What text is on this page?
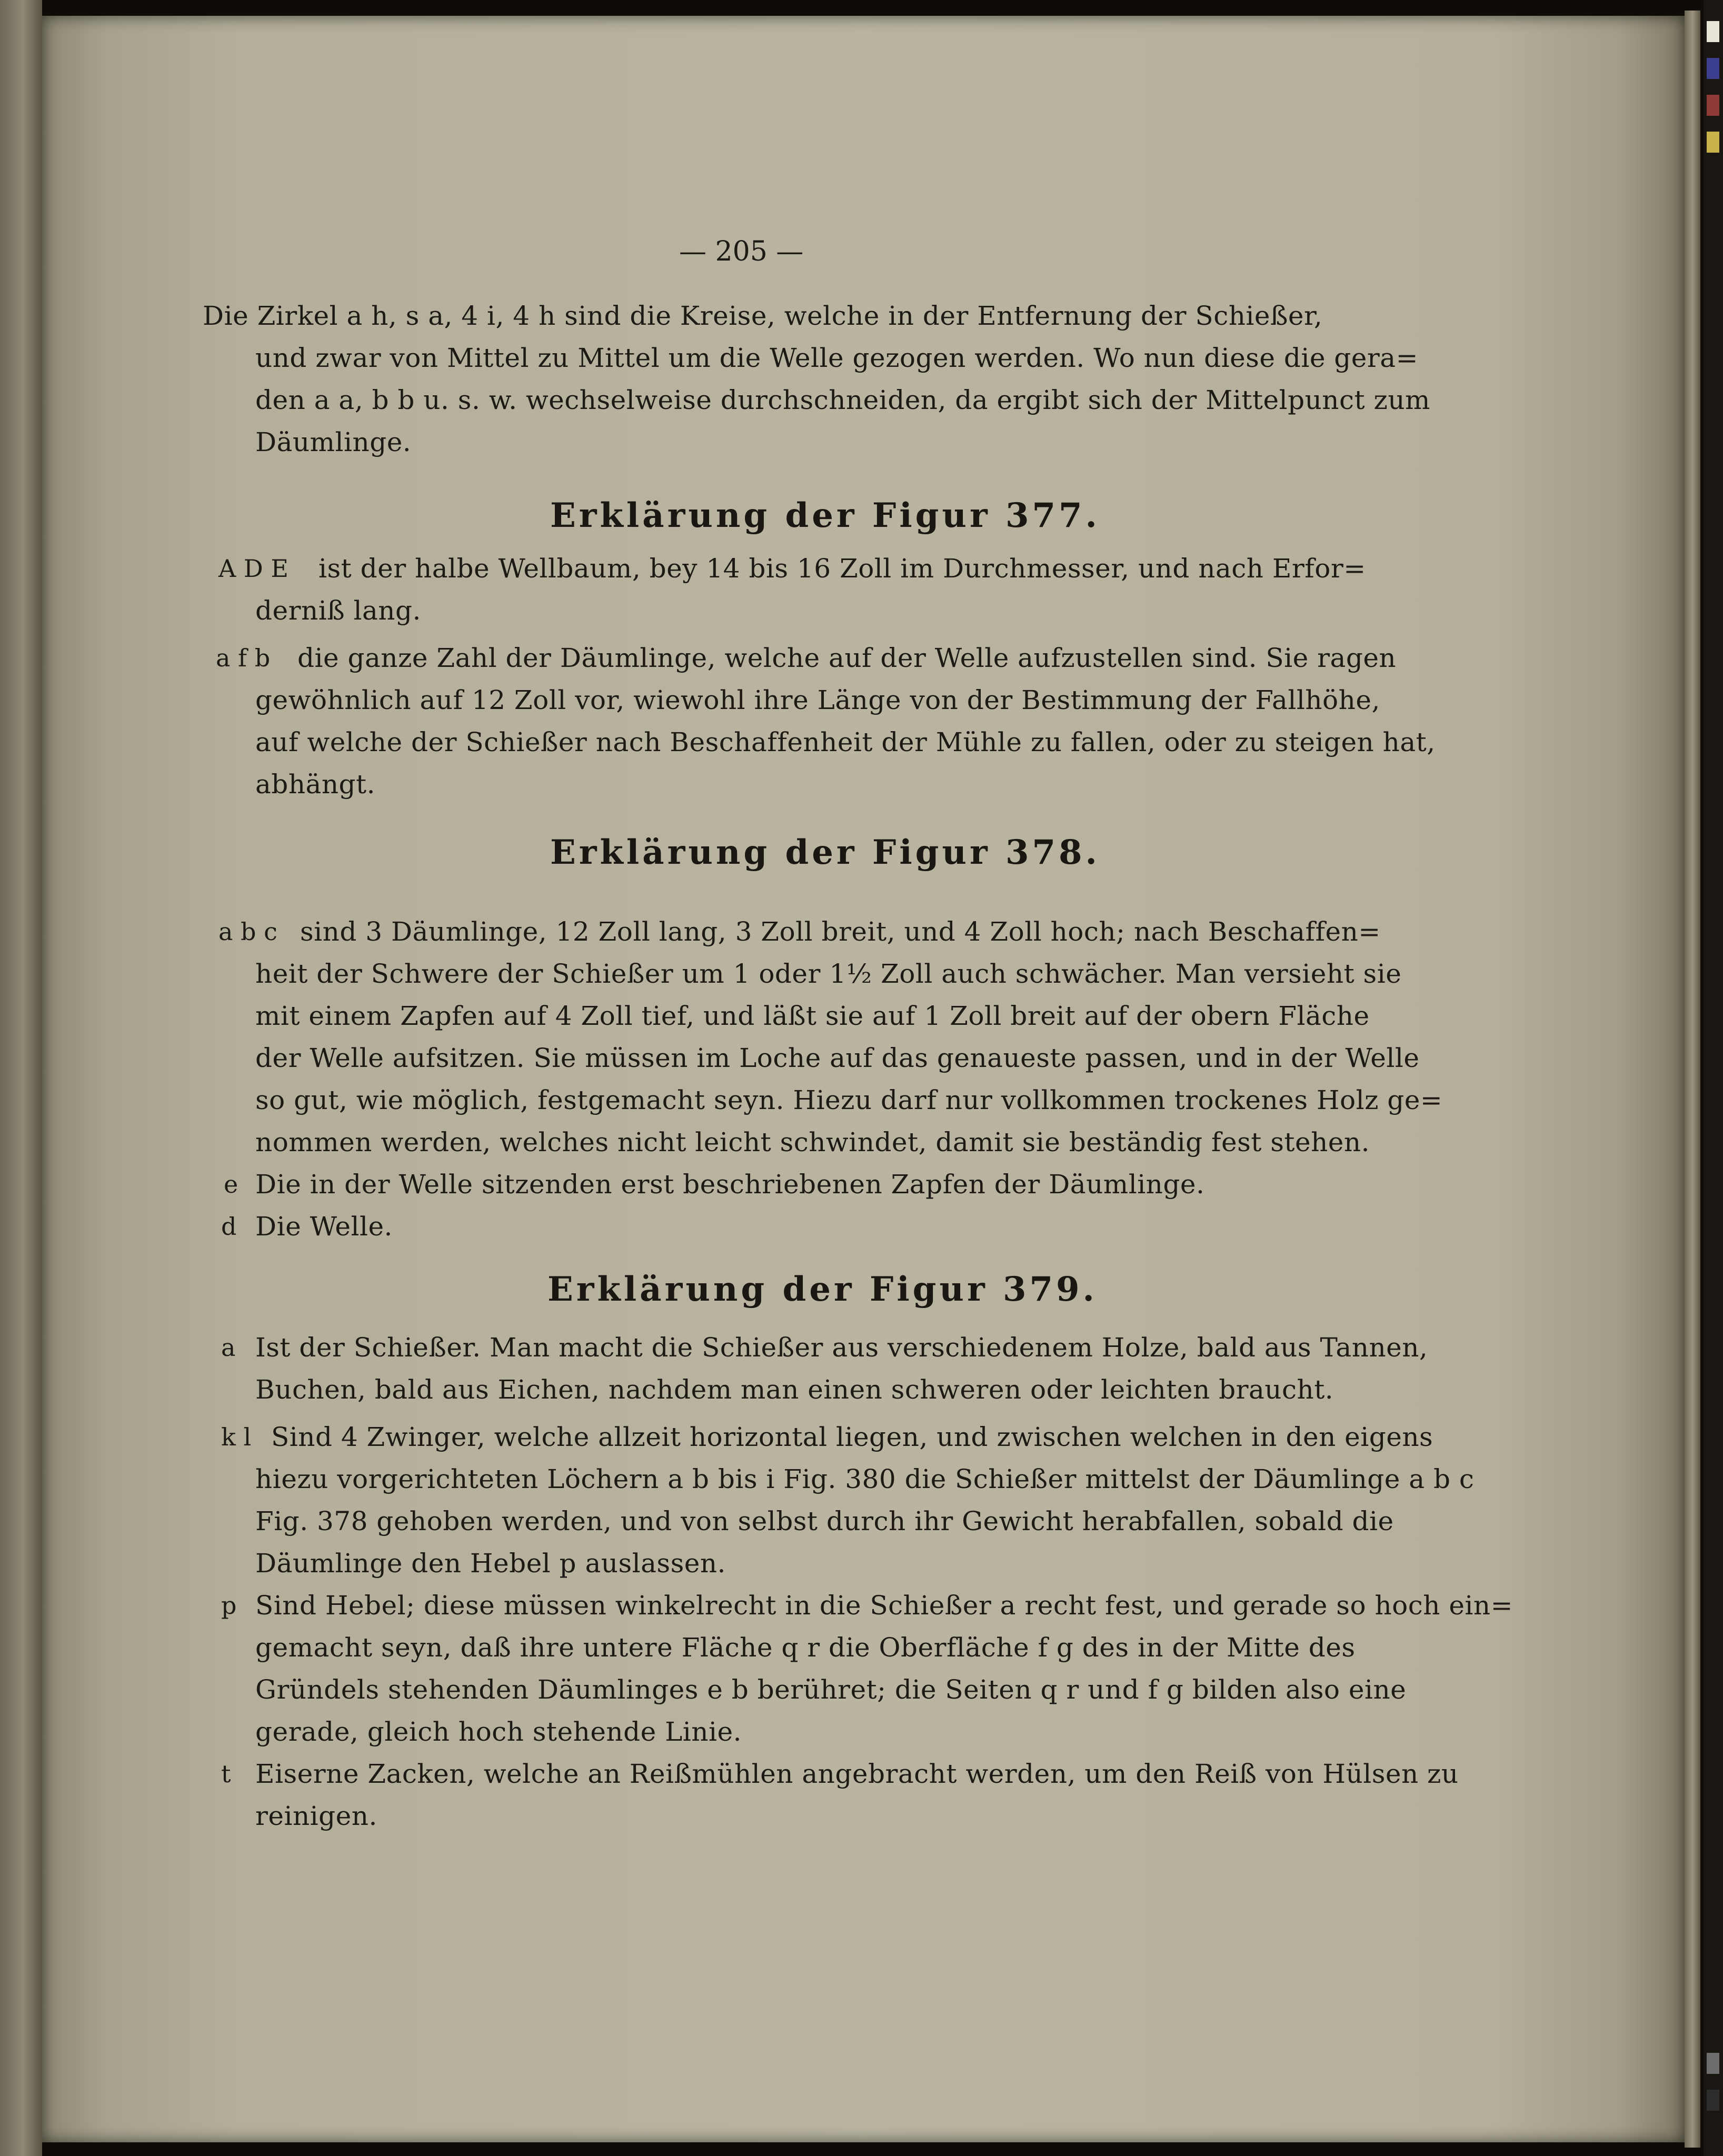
— 205 —
Die Zirkel a h, s a, 4 i, 4 h sind die Kreise, welche in der Entfernung der Schießer,
und zwar von Mittel zu Mittel um die Welle gezogen werden. Wo nun diese die gera=
den a a, b b u. s. w. wechselweise durchschneiden, da ergibt sich der Mittelpunct zum
Däumlinge.
Erklärung der Figur 377.
A D E ist der halbe Wellbaum, bey 14 bis 16 Zoll im Durchmesser, und nach Erfor=
derniß lang.
a f b die ganze Zahl der Däumlinge, welche auf der Welle aufzustellen sind. Sie ragen
gewöhnlich auf 12 Zoll vor, wiewohl ihre Länge von der Bestimmung der Fallhöhe,
auf welche der Schießer nach Beschaffenheit der Mühle zu fallen, oder zu steigen hat,
abhängt.
Erklärung der Figur 378.
a b c sind 3 Däumlinge, 12 Zoll lang, 3 Zoll breit, und 4 Zoll hoch; nach Beschaffen=
heit der Schwere der Schießer um 1 oder 1½ Zoll auch schwächer. Man versieht sie
mit einem Zapfen auf 4 Zoll tief, und läßt sie auf 1 Zoll breit auf der obern Fläche
der Welle aufsitzen. Sie müssen im Loche auf das genaueste passen, und in der Welle
so gut, wie möglich, festgemacht seyn. Hiezu darf nur vollkommen trockenes Holz ge=
nommen werden, welches nicht leicht schwindet, damit sie beständig fest stehen.
e Die in der Welle sitzenden erst beschriebenen Zapfen der Däumlinge.
d Die Welle.
Erklärung der Figur 379.
a Ist der Schießer. Man macht die Schießer aus verschiedenem Holze, bald aus Tannen,
Buchen, bald aus Eichen, nachdem man einen schweren oder leichten braucht.
k l Sind 4 Zwinger, welche allzeit horizontal liegen, und zwischen welchen in den eigens
hiezu vorgerichteten Löchern a b bis i Fig. 380 die Schießer mittelst der Däumlinge a b c
Fig. 378 gehoben werden, und von selbst durch ihr Gewicht herabfallen, sobald die
Däumlinge den Hebel p auslassen.
p Sind Hebel; diese müssen winkelrecht in die Schießer a recht fest, und gerade so hoch ein=
gemacht seyn, daß ihre untere Fläche q r die Oberfläche f g des in der Mitte des
Gründels stehenden Däumlinges e b berühret; die Seiten q r und f g bilden also eine
gerade, gleich hoch stehende Linie.
t Eiserne Zacken, welche an Reißmühlen angebracht werden, um den Reiß von Hülsen zu
reinigen.
